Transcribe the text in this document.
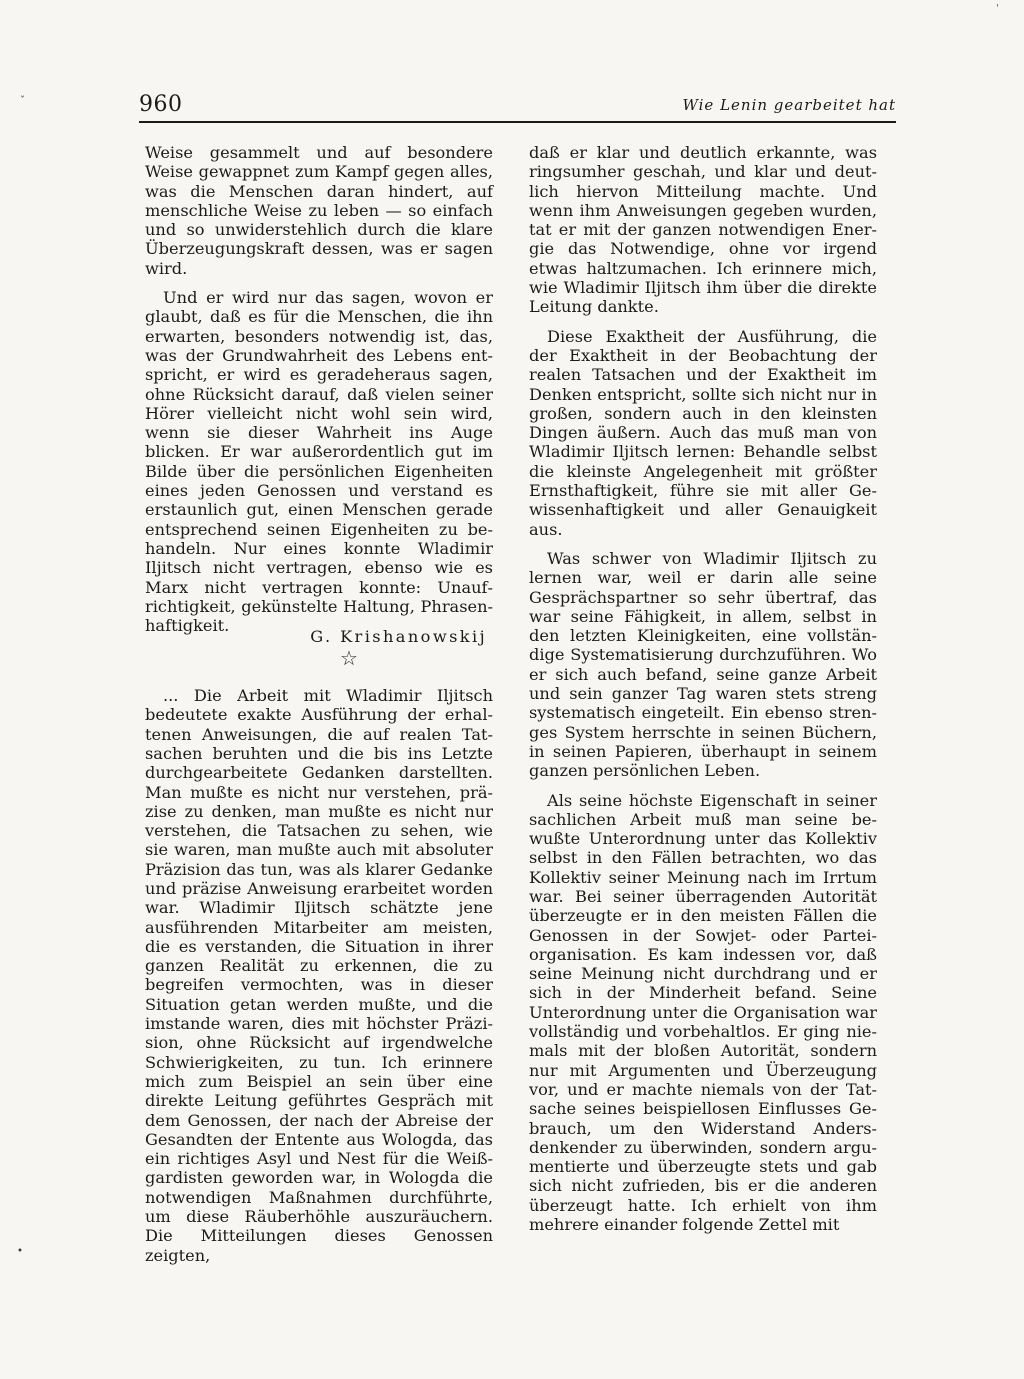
ˇ
•
ˈ
960	Wie Lenin gearbeitet hat

Weise gesammelt und auf besondere Weise gewappnet zum Kampf gegen alles, was die Menschen daran hindert, auf menschliche Weise zu leben — so einfach und so unwiderstehlich durch die klare Überzeugungskraft dessen, was er sagen wird.

Und er wird nur das sagen, wovon er glaubt, daß es für die Menschen, die ihn erwarten, besonders notwendig ist, das, was der Grundwahrheit des Lebens entspricht, er wird es geradeheraus sagen, ohne Rücksicht darauf, daß vielen seiner Hörer vielleicht nicht wohl sein wird, wenn sie dieser Wahrheit ins Auge blicken. Er war außerordentlich gut im Bilde über die persönlichen Eigenheiten eines jeden Genossen und verstand es erstaunlich gut, einen Menschen gerade entsprechend seinen Eigenheiten zu behandeln. Nur eines konnte Wladimir Iljitsch nicht vertragen, ebenso wie es Marx nicht vertragen konnte: Unaufrichtigkeit, gekünstelte Haltung, Phrasenhaftigkeit.

G. Krishanowskij
☆

... Die Arbeit mit Wladimir Iljitsch bedeutete exakte Ausführung der erhaltenen Anweisungen, die auf realen Tatsachen beruhten und die bis ins Letzte durchgearbeitete Gedanken darstellten. Man mußte es nicht nur verstehen, präzise zu denken, man mußte es nicht nur verstehen, die Tatsachen zu sehen, wie sie waren, man mußte auch mit absoluter Präzision das tun, was als klarer Gedanke und präzise Anweisung erarbeitet worden war. Wladimir Iljitsch schätzte jene ausführenden Mitarbeiter am meisten, die es verstanden, die Situation in ihrer ganzen Realität zu erkennen, die zu begreifen vermochten, was in dieser Situation getan werden mußte, und die imstande waren, dies mit höchster Präzision, ohne Rücksicht auf irgendwelche Schwierigkeiten, zu tun. Ich erinnere mich zum Beispiel an sein über eine direkte Leitung geführtes Gespräch mit dem Genossen, der nach der Abreise der Gesandten der Entente aus Wologda, das ein richtiges Asyl und Nest für die Weißgardisten geworden war, in Wologda die notwendigen Maßnahmen durchführte, um diese Räuberhöhle auszuräuchern. Die Mitteilungen dieses Genossen zeigten,

daß er klar und deutlich erkannte, was ringsumher geschah, und klar und deutlich hiervon Mitteilung machte. Und wenn ihm Anweisungen gegeben wurden, tat er mit der ganzen notwendigen Energie das Notwendige, ohne vor irgend etwas haltzumachen. Ich erinnere mich, wie Wladimir Iljitsch ihm über die direkte Leitung dankte.

Diese Exaktheit der Ausführung, die der Exaktheit in der Beobachtung der realen Tatsachen und der Exaktheit im Denken entspricht, sollte sich nicht nur in großen, sondern auch in den kleinsten Dingen äußern. Auch das muß man von Wladimir Iljitsch lernen: Behandle selbst die kleinste Angelegenheit mit größter Ernsthaftigkeit, führe sie mit aller Gewissenhaftigkeit und aller Genauigkeit aus.

Was schwer von Wladimir Iljitsch zu lernen war, weil er darin alle seine Gesprächspartner so sehr übertraf, das war seine Fähigkeit, in allem, selbst in den letzten Kleinigkeiten, eine vollständige Systematisierung durchzuführen. Wo er sich auch befand, seine ganze Arbeit und sein ganzer Tag waren stets streng systematisch eingeteilt. Ein ebenso strenges System herrschte in seinen Büchern, in seinen Papieren, überhaupt in seinem ganzen persönlichen Leben.

Als seine höchste Eigenschaft in seiner sachlichen Arbeit muß man seine bewußte Unterordnung unter das Kollektiv selbst in den Fällen betrachten, wo das Kollektiv seiner Meinung nach im Irrtum war. Bei seiner überragenden Autorität überzeugte er in den meisten Fällen die Genossen in der Sowjet- oder Parteiorganisation. Es kam indessen vor, daß seine Meinung nicht durchdrang und er sich in der Minderheit befand. Seine Unterordnung unter die Organisation war vollständig und vorbehaltlos. Er ging niemals mit der bloßen Autorität, sondern nur mit Argumenten und Überzeugung vor, und er machte niemals von der Tatsache seines beispiellosen Einflusses Gebrauch, um den Widerstand Andersdenkender zu überwinden, sondern argumentierte und überzeugte stets und gab sich nicht zufrieden, bis er die anderen überzeugt hatte. Ich erhielt von ihm mehrere einander folgende Zettel mit
